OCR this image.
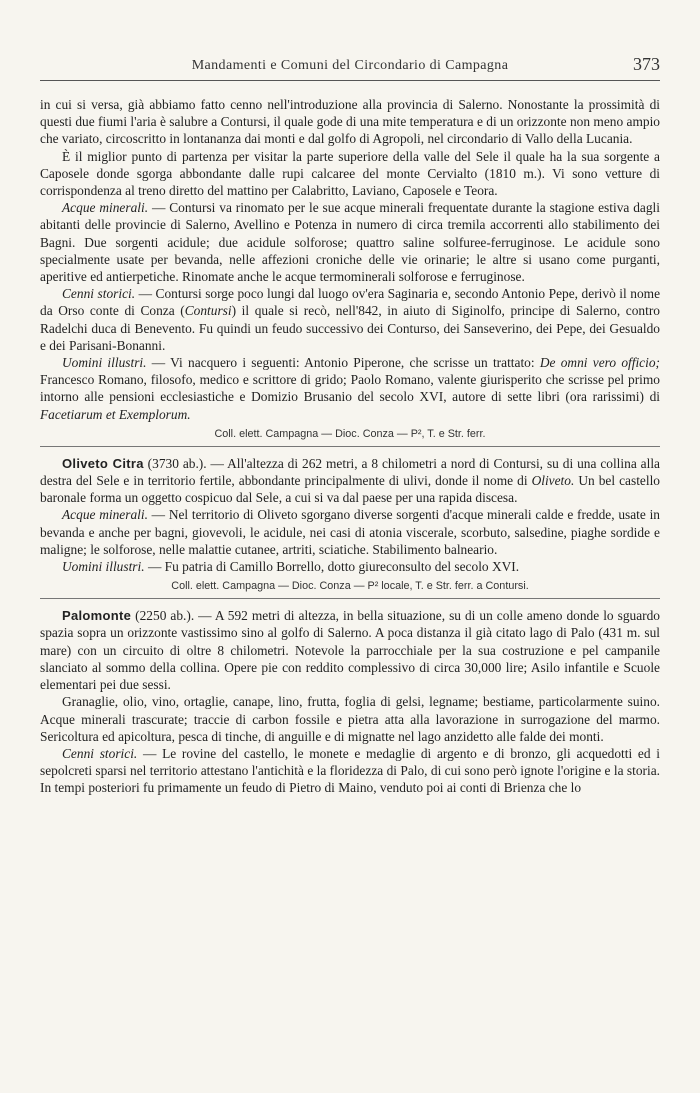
Mandamenti e Comuni del Circondario di Campagna	373

in cui si versa, già abbiamo fatto cenno nell'introduzione alla provincia di Salerno. Nonostante la prossimità di questi due fiumi l'aria è salubre a Contursi, il quale gode di una mite temperatura e di un orizzonte non meno ampio che variato, circoscritto in lontananza dai monti e dal golfo di Agropoli, nel circondario di Vallo della Lucania.

È il miglior punto di partenza per visitar la parte superiore della valle del Sele il quale ha la sua sorgente a Caposele donde sgorga abbondante dalle rupi calcaree del monte Cervialto (1810 m.). Vi sono vetture di corrispondenza al treno diretto del mattino per Calabritto, Laviano, Caposele e Teora.

Acque minerali. — Contursi va rinomato per le sue acque minerali frequentate durante la stagione estiva dagli abitanti delle provincie di Salerno, Avellino e Potenza in numero di circa tremila accorrenti allo stabilimento dei Bagni. Due sorgenti acidule; due acidule solforose; quattro saline solfuree-ferruginose. Le acidule sono specialmente usate per bevanda, nelle affezioni croniche delle vie orinarie; le altre si usano come purganti, aperitive ed antierpetiche. Rinomate anche le acque termominerali solforose e ferruginose.

Cenni storici. — Contursi sorge poco lungi dal luogo ov'era Saginaria e, secondo Antonio Pepe, derivò il nome da Orso conte di Conza (Contursi) il quale si recò, nell'842, in aiuto di Siginolfo, principe di Salerno, contro Radelchi duca di Benevento. Fu quindi un feudo successivo dei Conturso, dei Sanseverino, dei Pepe, dei Gesualdo e dei Parisani-Bonanni.

Uomini illustri. — Vi nacquero i seguenti: Antonio Piperone, che scrisse un trattato: De omni vero officio; Francesco Romano, filosofo, medico e scrittore di grido; Paolo Romano, valente giurisperito che scrisse pel primo intorno alle pensioni ecclesiastiche e Domizio Brusanio del secolo XVI, autore di sette libri (ora rarissimi) di Facetiarum et Exemplorum.

Coll. elett. Campagna — Dioc. Conza — P², T. e Str. ferr.

Oliveto Citra (3730 ab.). — All'altezza di 262 metri, a 8 chilometri a nord di Contursi, su di una collina alla destra del Sele e in territorio fertile, abbondante principalmente di ulivi, donde il nome di Oliveto. Un bel castello baronale forma un oggetto cospicuo dal Sele, a cui si va dal paese per una rapida discesa.

Acque minerali. — Nel territorio di Oliveto sgorgano diverse sorgenti d'acque minerali calde e fredde, usate in bevanda e anche per bagni, giovevoli, le acidule, nei casi di atonia viscerale, scorbuto, salsedine, piaghe sordide e maligne; le solforose, nelle malattie cutanee, artriti, sciatiche. Stabilimento balneario.

Uomini illustri. — Fu patria di Camillo Borrello, dotto giureconsulto del secolo XVI.

Coll. elett. Campagna — Dioc. Conza — P² locale, T. e Str. ferr. a Contursi.

Palomonte (2250 ab.). — A 592 metri di altezza, in bella situazione, su di un colle ameno donde lo sguardo spazia sopra un orizzonte vastissimo sino al golfo di Salerno. A poca distanza il già citato lago di Palo (431 m. sul mare) con un circuito di oltre 8 chilometri. Notevole la parrocchiale per la sua costruzione e pel campanile slanciato al sommo della collina. Opere pie con reddito complessivo di circa 30,000 lire; Asilo infantile e Scuole elementari pei due sessi.

Granaglie, olio, vino, ortaglie, canape, lino, frutta, foglia di gelsi, legname; bestiame, particolarmente suino. Acque minerali trascurate; traccie di carbon fossile e pietra atta alla lavorazione in surrogazione del marmo. Sericoltura ed apicoltura, pesca di tinche, di anguille e di mignatte nel lago anzidetto alle falde dei monti.

Cenni storici. — Le rovine del castello, le monete e medaglie di argento e di bronzo, gli acquedotti ed i sepolcreti sparsi nel territorio attestano l'antichità e la floridezza di Palo, di cui sono però ignote l'origine e la storia. In tempi posteriori fu primamente un feudo di Pietro di Maino, venduto poi ai conti di Brienza che lo
